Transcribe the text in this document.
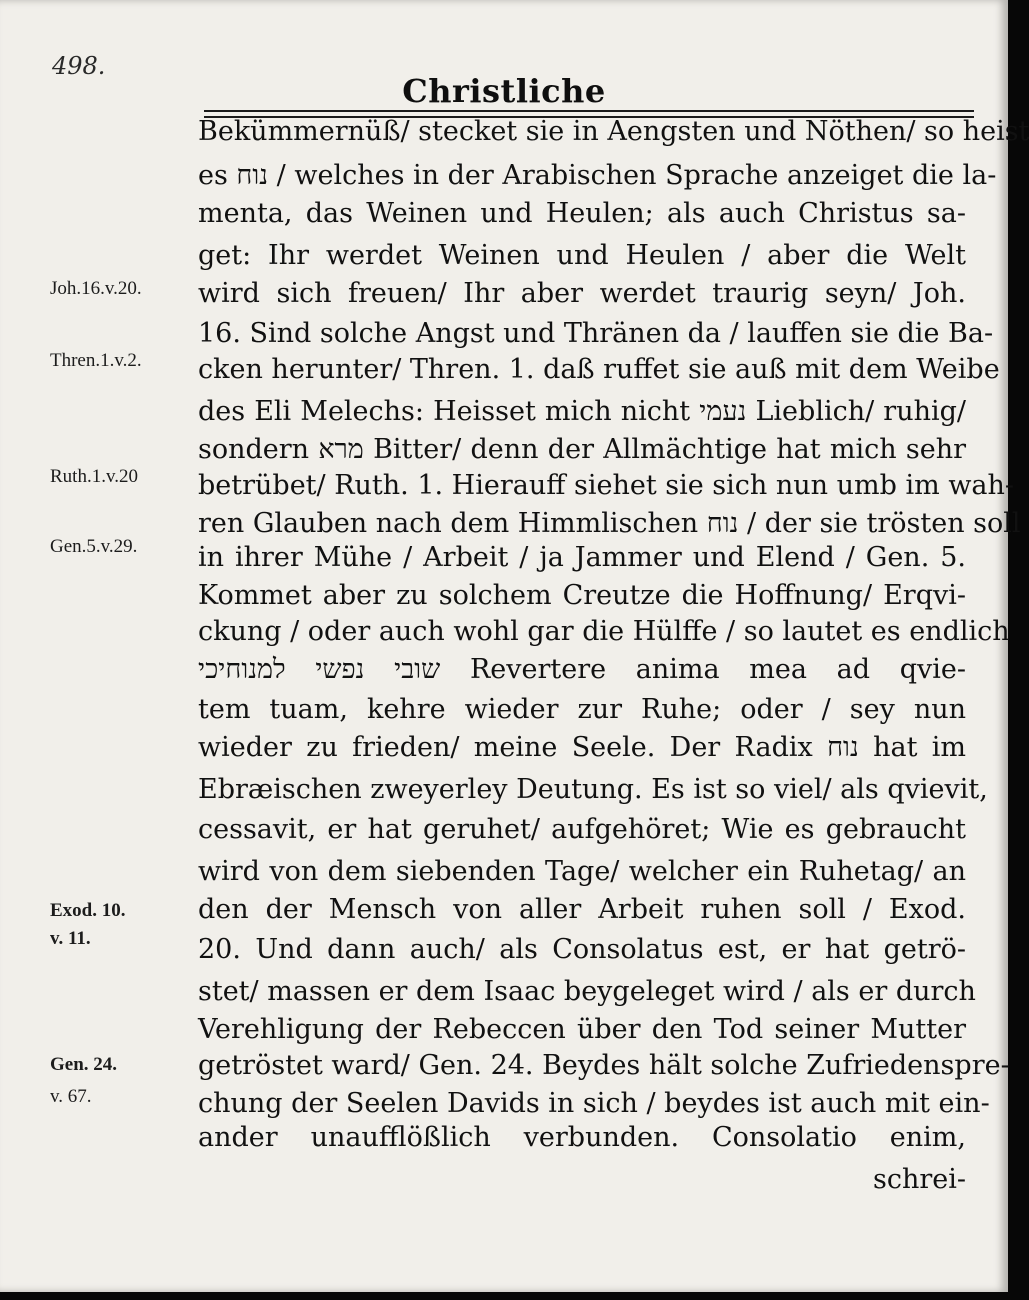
498.
Christliche
Bekümmernüß/ stecket sie in Aengsten und Nöthen/ so heist
es נוח / welches in der Arabischen Sprache anzeiget die la-
menta, das Weinen und Heulen; als auch Christus sa-
get: Ihr werdet Weinen und Heulen / aber die Welt
wird sich freuen/ Ihr aber werdet traurig seyn/ Joh.
16. Sind solche Angst und Thränen da / lauffen sie die Ba-
cken herunter/ Thren. 1. daß ruffet sie auß mit dem Weibe
des Eli Melechs: Heisset mich nicht נעמי Lieblich/ ruhig/
sondern מרא Bitter/ denn der Allmächtige hat mich sehr
betrübet/ Ruth. 1. Hierauff siehet sie sich nun umb im wah-
ren Glauben nach dem Himmlischen נוח / der sie trösten soll
in ihrer Mühe / Arbeit / ja Jammer und Elend / Gen. 5.
Kommet aber zu solchem Creutze die Hoffnung/ Erqvi-
ckung / oder auch wohl gar die Hülffe / so lautet es endlich
שובי נפשי למנוחיכי Revertere anima mea ad qvie-
tem tuam, kehre wieder zur Ruhe; oder / sey nun
wieder zu frieden/ meine Seele. Der Radix נוח hat im
Ebræischen zweyerley Deutung. Es ist so viel/ als qvievit,
cessavit, er hat geruhet/ aufgehöret; Wie es gebraucht
wird von dem siebenden Tage/ welcher ein Ruhetag/ an
den der Mensch von aller Arbeit ruhen soll / Exod.
20. Und dann auch/ als Consolatus est, er hat getrö-
stet/ massen er dem Isaac beygeleget wird / als er durch
Verehligung der Rebeccen über den Tod seiner Mutter
getröstet ward/ Gen. 24. Beydes hält solche Zufriedensprе-
chung der Seelen Davids in sich / beydes ist auch mit ein-
ander unaufflößlich verbunden. Consolatio enim,
schrei-
Joh.16.v.20.
Thren.1.v.2.
Ruth.1.v.20
Gen.5.v.29.
Exod. 10.
v. 11.
Gen. 24.
v. 67.
